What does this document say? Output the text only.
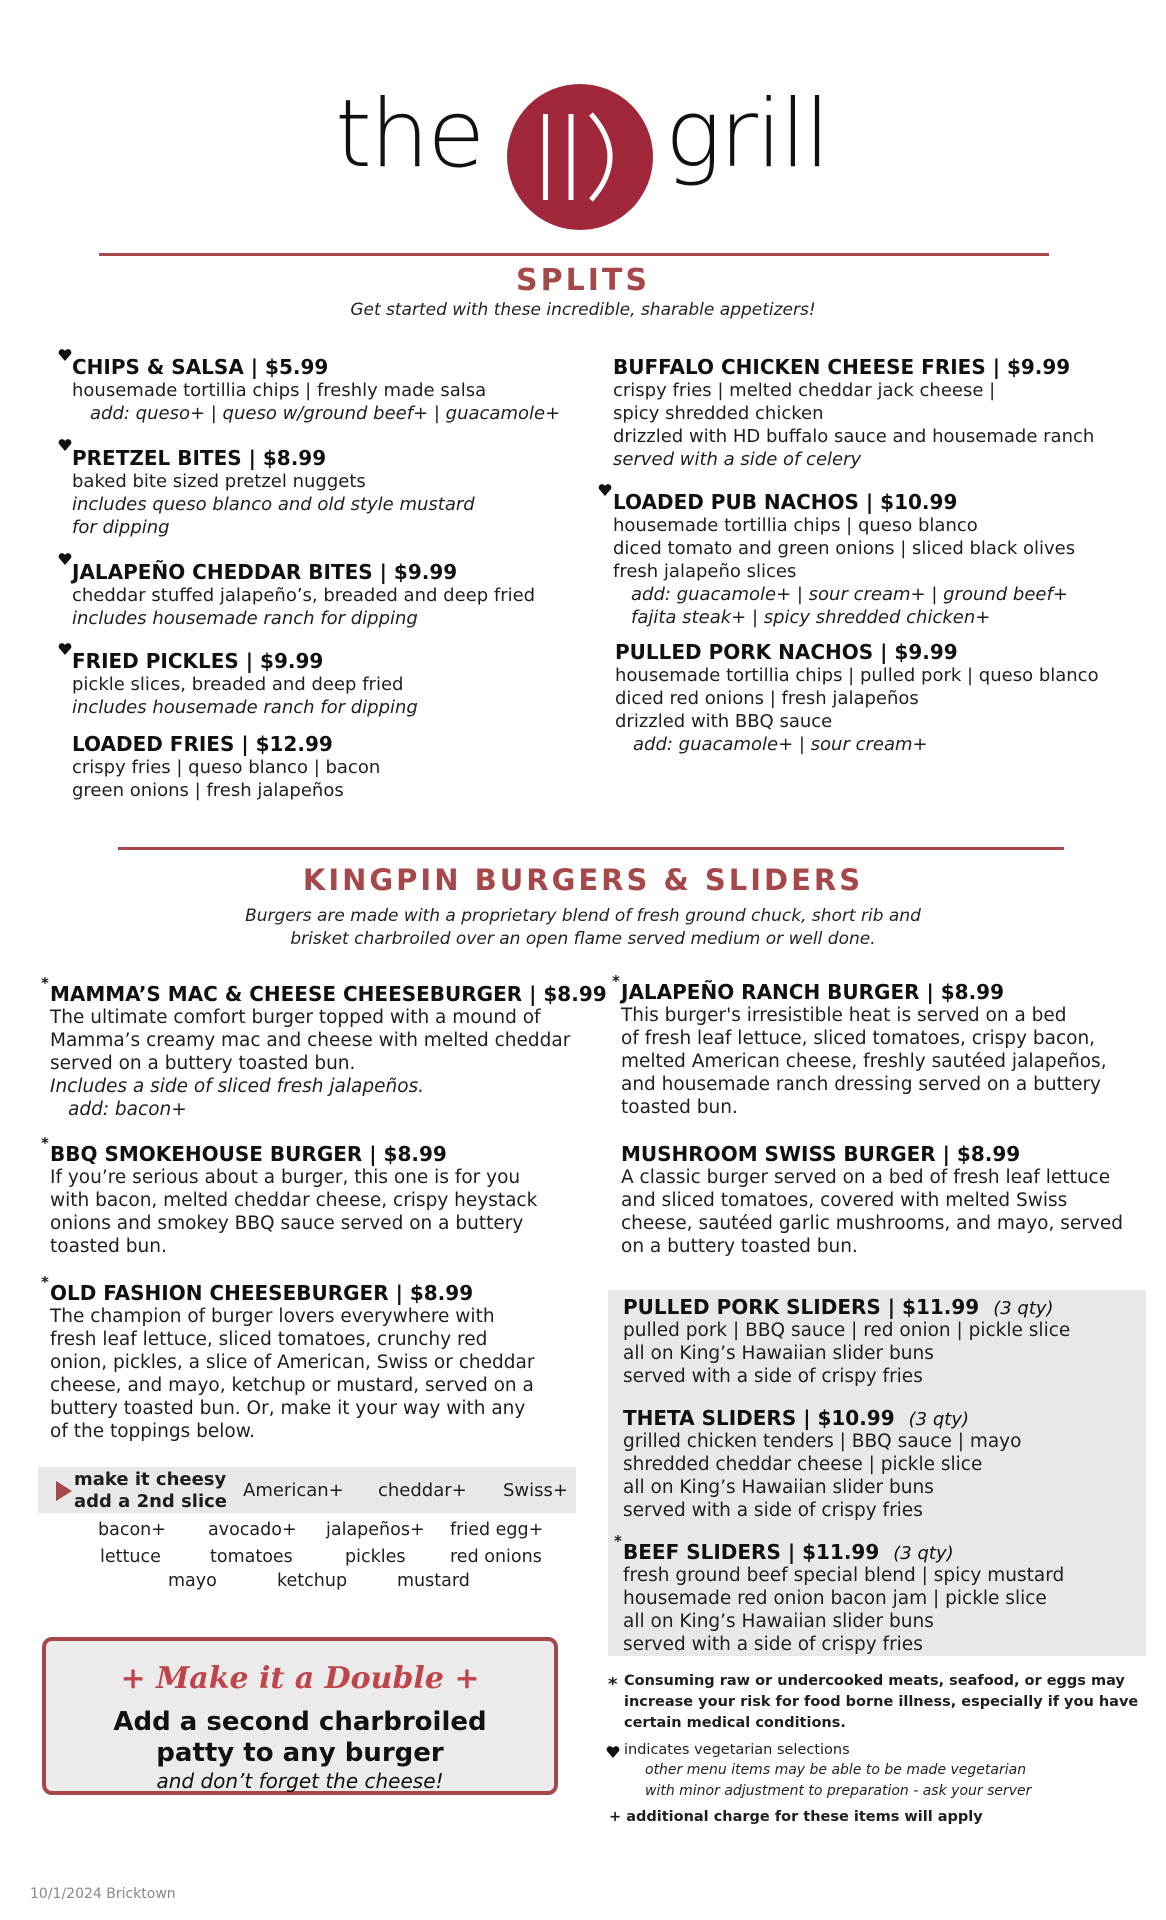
the grill
SPLITS
Get started with these incredible, sharable appetizers!
CHIPS & SALSA | $5.99
housemade tortillia chips | freshly made salsa
add: queso+ | queso w/ground beef+ | guacamole+
PRETZEL BITES | $8.99
baked bite sized pretzel nuggets
includes queso blanco and old style mustard
for dipping
JALAPEÑO CHEDDAR BITES | $9.99
cheddar stuffed jalapeño’s, breaded and deep fried
includes housemade ranch for dipping
FRIED PICKLES | $9.99
pickle slices, breaded and deep fried
includes housemade ranch for dipping
LOADED FRIES | $12.99
crispy fries | queso blanco | bacon
green onions | fresh jalapeños
BUFFALO CHICKEN CHEESE FRIES | $9.99
crispy fries | melted cheddar jack cheese |
spicy shredded chicken
drizzled with HD buffalo sauce and housemade ranch
served with a side of celery
LOADED PUB NACHOS | $10.99
housemade tortillia chips | queso blanco
diced tomato and green onions | sliced black olives
fresh jalapeño slices
add: guacamole+ | sour cream+ | ground beef+
fajita steak+ | spicy shredded chicken+
PULLED PORK NACHOS | $9.99
housemade tortillia chips | pulled pork | queso blanco
diced red onions | fresh jalapeños
drizzled with BBQ sauce
add: guacamole+ | sour cream+
KINGPIN BURGERS & SLIDERS
Burgers are made with a proprietary blend of fresh ground chuck, short rib and
brisket charbroiled over an open flame served medium or well done.
* MAMMA’S MAC & CHEESE CHEESEBURGER | $8.99
The ultimate comfort burger topped with a mound of
Mamma’s creamy mac and cheese with melted cheddar
served on a buttery toasted bun.
Includes a side of sliced fresh jalapeños.
add: bacon+
* BBQ SMOKEHOUSE BURGER | $8.99
If you’re serious about a burger, this one is for you
with bacon, melted cheddar cheese, crispy heystack
onions and smokey BBQ sauce served on a buttery
toasted bun.
* OLD FASHION CHEESEBURGER | $8.99
The champion of burger lovers everywhere with
fresh leaf lettuce, sliced tomatoes, crunchy red
onion, pickles, a slice of American, Swiss or cheddar
cheese, and mayo, ketchup or mustard, served on a
buttery toasted bun. Or, make it your way with any
of the toppings below.
make it cheesy
add a 2nd slice
American+ cheddar+ Swiss+
bacon+ avocado+ jalapeños+ fried egg+
lettuce	tomatoes	pickles	red onions
mayo	ketchup	mustard
+ Make it a Double +
Add a second charbroiled
patty to any burger
and don’t forget the cheese!
* JALAPEÑO RANCH BURGER | $8.99
This burger's irresistible heat is served on a bed
of fresh leaf lettuce, sliced tomatoes, crispy bacon,
melted American cheese, freshly sautéed jalapeños,
and housemade ranch dressing served on a buttery
toasted bun.
MUSHROOM SWISS BURGER | $8.99
A classic burger served on a bed of fresh leaf lettuce
and sliced tomatoes, covered with melted Swiss
cheese, sautéed garlic mushrooms, and mayo, served
on a buttery toasted bun.
PULLED PORK SLIDERS | $11.99 (3 qty)
pulled pork | BBQ sauce | red onion | pickle slice
all on King’s Hawaiian slider buns
served with a side of crispy fries
THETA SLIDERS | $10.99 (3 qty)
grilled chicken tenders | BBQ sauce | mayo
shredded cheddar cheese | pickle slice
all on King’s Hawaiian slider buns
served with a side of crispy fries
* BEEF SLIDERS | $11.99 (3 qty)
fresh ground beef special blend | spicy mustard
housemade red onion bacon jam | pickle slice
all on King’s Hawaiian slider buns
served with a side of crispy fries
* Consuming raw or undercooked meats, seafood, or eggs may
increase your risk for food borne illness, especially if you have
certain medical conditions.
indicates vegetarian selections
other menu items may be able to be made vegetarian
with minor adjustment to preparation - ask your server
+ additional charge for these items will apply
10/1/2024 Bricktown
